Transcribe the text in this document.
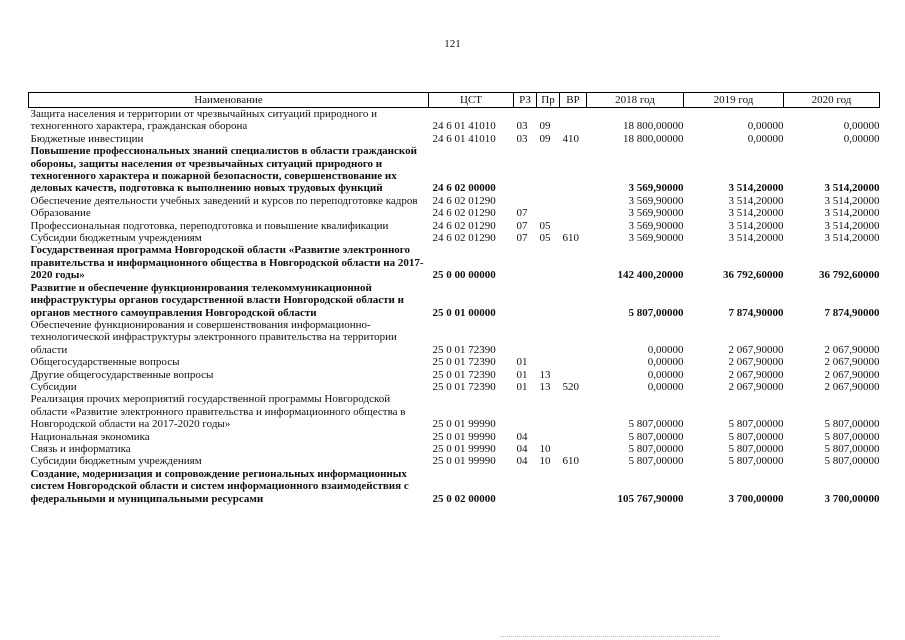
121
Наименование	ЦСТ	РЗ	Пр	ВР	2018 год	2019 год	2020 год
Защита населения и территории от чрезвычайных ситуаций природного и техногенного характера, гражданская оборона	24 6 01 41010	03	09		18 800,00000	0,00000	0,00000
Бюджетные инвестиции	24 6 01 41010	03	09	410	18 800,00000	0,00000	0,00000
Повышение профессиональных знаний специалистов в области гражданской обороны, защиты населения от чрезвычайных ситуаций природного и техногенного характера и пожарной безопасности, совершенствование их деловых качеств, подготовка к выполнению новых трудовых функций	24 6 02 00000				3 569,90000	3 514,20000	3 514,20000
Обеспечение деятельности учебных заведений и курсов по переподготовке кадров	24 6 02 01290				3 569,90000	3 514,20000	3 514,20000
Образование	24 6 02 01290	07			3 569,90000	3 514,20000	3 514,20000
Профессиональная подготовка, переподготовка и повышение квалификации	24 6 02 01290	07	05		3 569,90000	3 514,20000	3 514,20000
Субсидии бюджетным учреждениям	24 6 02 01290	07	05	610	3 569,90000	3 514,20000	3 514,20000
Государственная программа Новгородской области «Развитие электронного правительства и информационного общества в Новгородской области на 2017-2020 годы»	25 0 00 00000				142 400,20000	36 792,60000	36 792,60000
Развитие и обеспечение функционирования телекоммуникационной инфраструктуры органов государственной власти Новгородской области и органов местного самоуправления Новгородской области	25 0 01 00000				5 807,00000	7 874,90000	7 874,90000
Обеспечение функционирования и совершенствования информационно- технологической инфраструктуры электронного правительства на территории области	25 0 01 72390				0,00000	2 067,90000	2 067,90000
Общегосударственные вопросы	25 0 01 72390	01			0,00000	2 067,90000	2 067,90000
Другие общегосударственные вопросы	25 0 01 72390	01	13		0,00000	2 067,90000	2 067,90000
Субсидии	25 0 01 72390	01	13	520	0,00000	2 067,90000	2 067,90000
Реализация прочих мероприятий государственной программы Новгородской области «Развитие электронного правительства и информационного общества в Новгородской области на 2017-2020 годы»	25 0 01 99990				5 807,00000	5 807,00000	5 807,00000
Национальная экономика	25 0 01 99990	04			5 807,00000	5 807,00000	5 807,00000
Связь и информатика	25 0 01 99990	04	10		5 807,00000	5 807,00000	5 807,00000
Субсидии бюджетным учреждениям	25 0 01 99990	04	10	610	5 807,00000	5 807,00000	5 807,00000
Создание, модернизация и сопровождение региональных информационных систем Новгородской области и систем информационного взаимодействия с федеральными и муниципальными ресурсами	25 0 02 00000				105 767,90000	3 700,00000	3 700,00000
